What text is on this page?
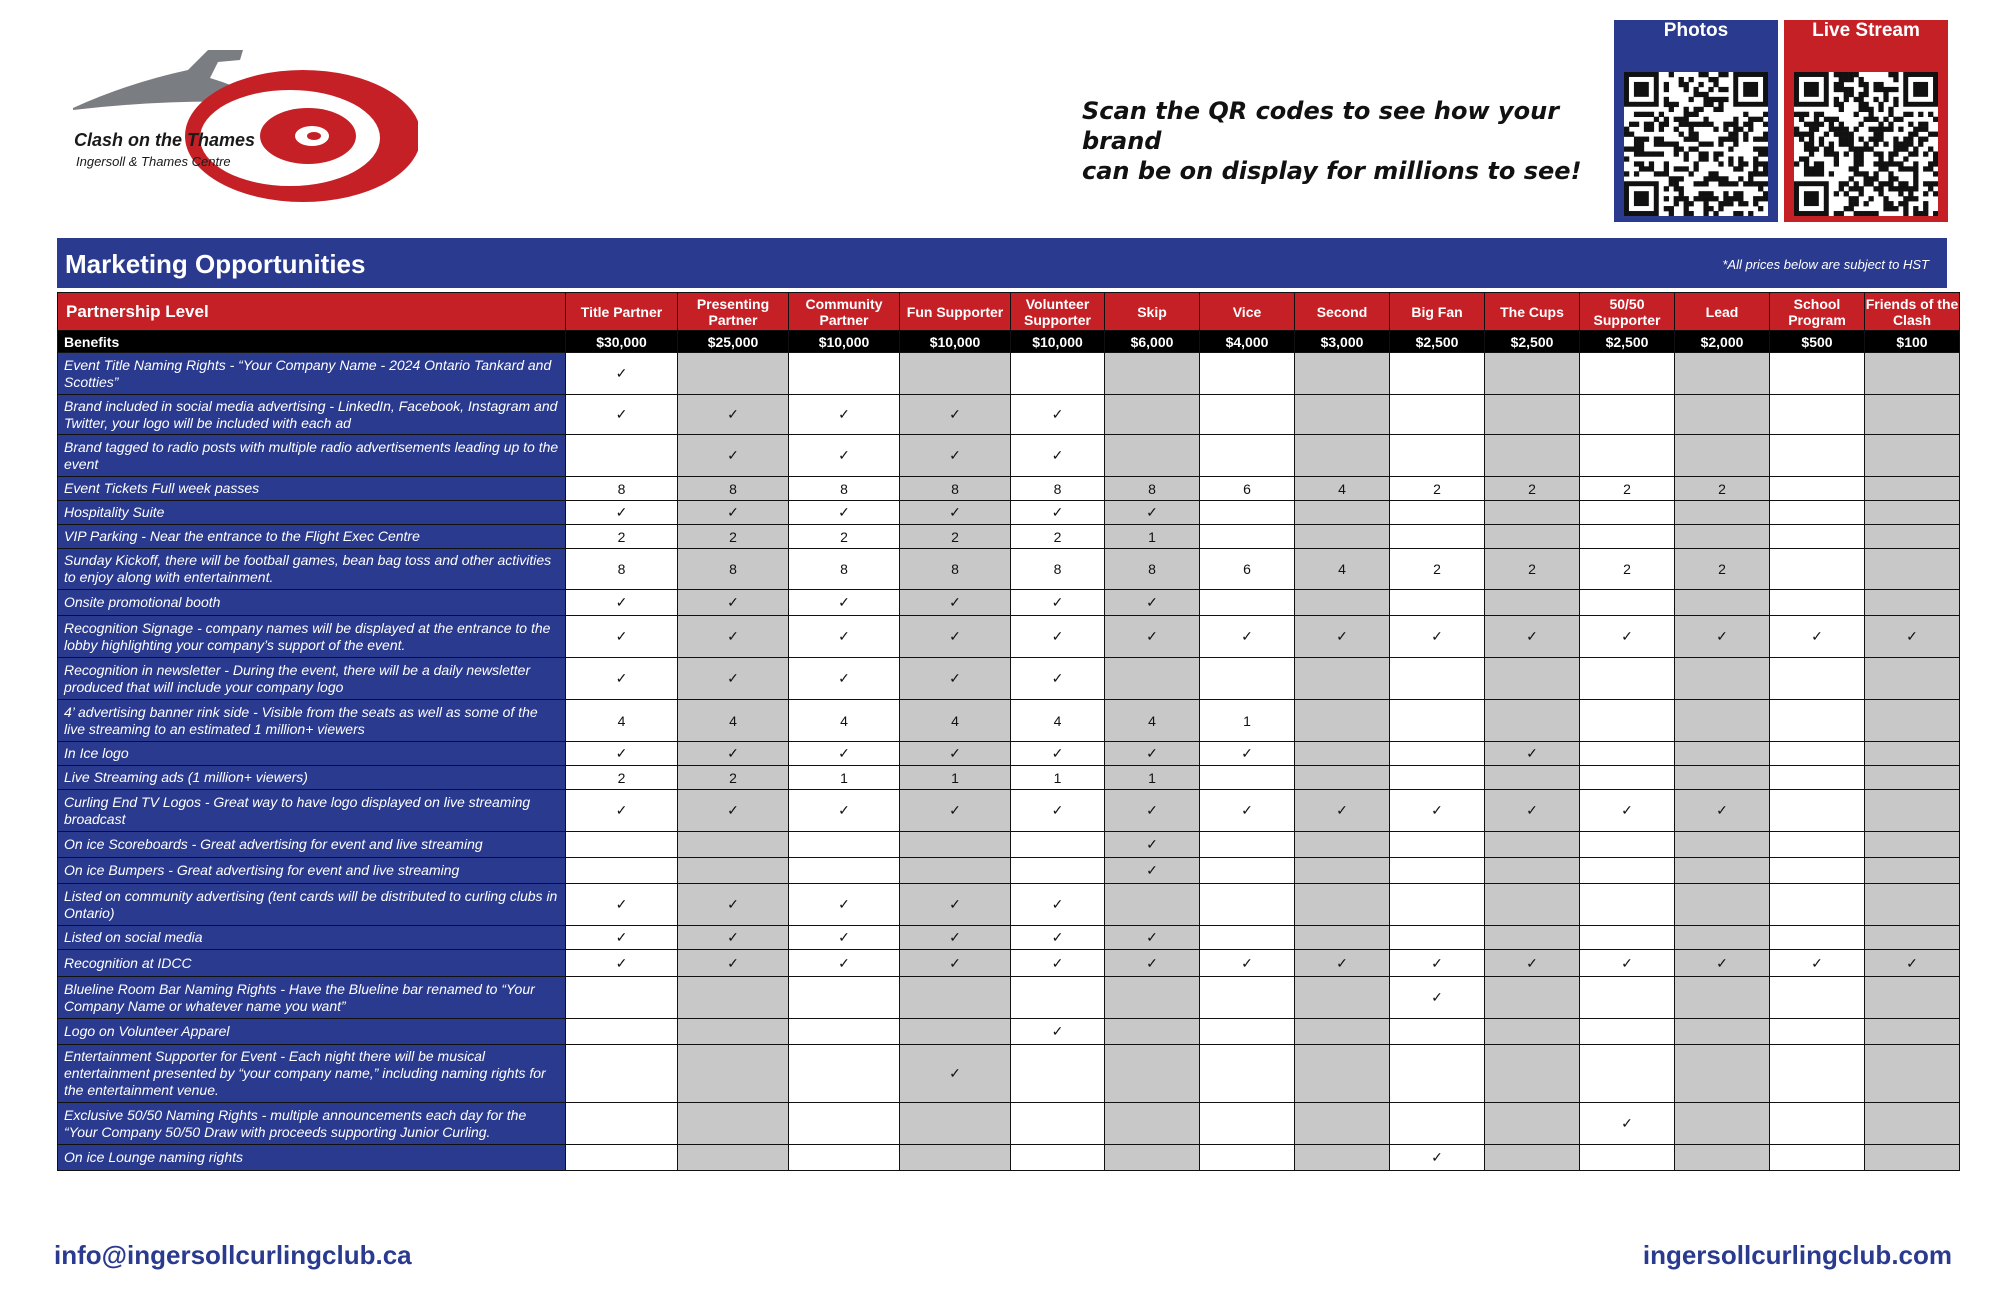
Clash on the Thames
Ingersoll & Thames Centre
Scan the QR codes to see how your brand
can be on display for millions to see!
Photos	Live Stream
Marketing Opportunities	*All prices below are subject to HST
Partnership Level	Title Partner	Presenting Partner	Community Partner	Fun Supporter	Volunteer Supporter	Skip	Vice	Second	Big Fan	The Cups	50/50 Supporter	Lead	School Program	Friends of the Clash
Benefits	$30,000	$25,000	$10,000	$10,000	$10,000	$6,000	$4,000	$3,000	$2,500	$2,500	$2,500	$2,000	$500	$100
Event Title Naming Rights - “Your Company Name - 2024 Ontario Tankard and Scotties”	✓													
Brand included in social media advertising - LinkedIn, Facebook, Instagram and Twitter, your logo will be included with each ad	✓	✓	✓	✓	✓									
Brand tagged to radio posts with multiple radio advertisements leading up to the event		✓	✓	✓	✓									
Event Tickets Full week passes	8	8	8	8	8	8	6	4	2	2	2	2		
Hospitality Suite	✓	✓	✓	✓	✓	✓								
VIP Parking - Near the entrance to the Flight Exec Centre	2	2	2	2	2	1								
Sunday Kickoff, there will be football games, bean bag toss and other activities to enjoy along with entertainment.	8	8	8	8	8	8	6	4	2	2	2	2		
Onsite promotional booth	✓	✓	✓	✓	✓	✓								
Recognition Signage - company names will be displayed at the entrance to the lobby highlighting your company’s support of the event.	✓	✓	✓	✓	✓	✓	✓	✓	✓	✓	✓	✓	✓	✓
Recognition in newsletter - During the event, there will be a daily newsletter produced that will include your company logo	✓	✓	✓	✓	✓									
4’ advertising banner rink side - Visible from the seats as well as some of the live streaming to an estimated 1 million+ viewers	4	4	4	4	4	4	1							
In Ice logo	✓	✓	✓	✓	✓	✓	✓			✓				
Live Streaming ads (1 million+ viewers)	2	2	1	1	1	1								
Curling End TV Logos - Great way to have logo displayed on live streaming broadcast	✓	✓	✓	✓	✓	✓	✓	✓	✓	✓	✓	✓		
On ice Scoreboards - Great advertising for event and live streaming						✓								
On ice Bumpers - Great advertising for event and live streaming						✓								
Listed on community advertising (tent cards will be distributed to curling clubs in Ontario)	✓	✓	✓	✓	✓									
Listed on social media	✓	✓	✓	✓	✓	✓								
Recognition at IDCC	✓	✓	✓	✓	✓	✓	✓	✓	✓	✓	✓	✓	✓	✓
Blueline Room Bar Naming Rights - Have the Blueline bar renamed to “Your Company Name or whatever name you want”									✓					
Logo on Volunteer Apparel					✓									
Entertainment Supporter for Event - Each night there will be musical entertainment presented by “your company name,” including naming rights for the entertainment venue.				✓										
Exclusive 50/50 Naming Rights - multiple announcements each day for the “Your Company 50/50 Draw with proceeds supporting Junior Curling.											✓			
On ice Lounge naming rights									✓					
info@ingersollcurlingclub.ca	ingersollcurlingclub.com
